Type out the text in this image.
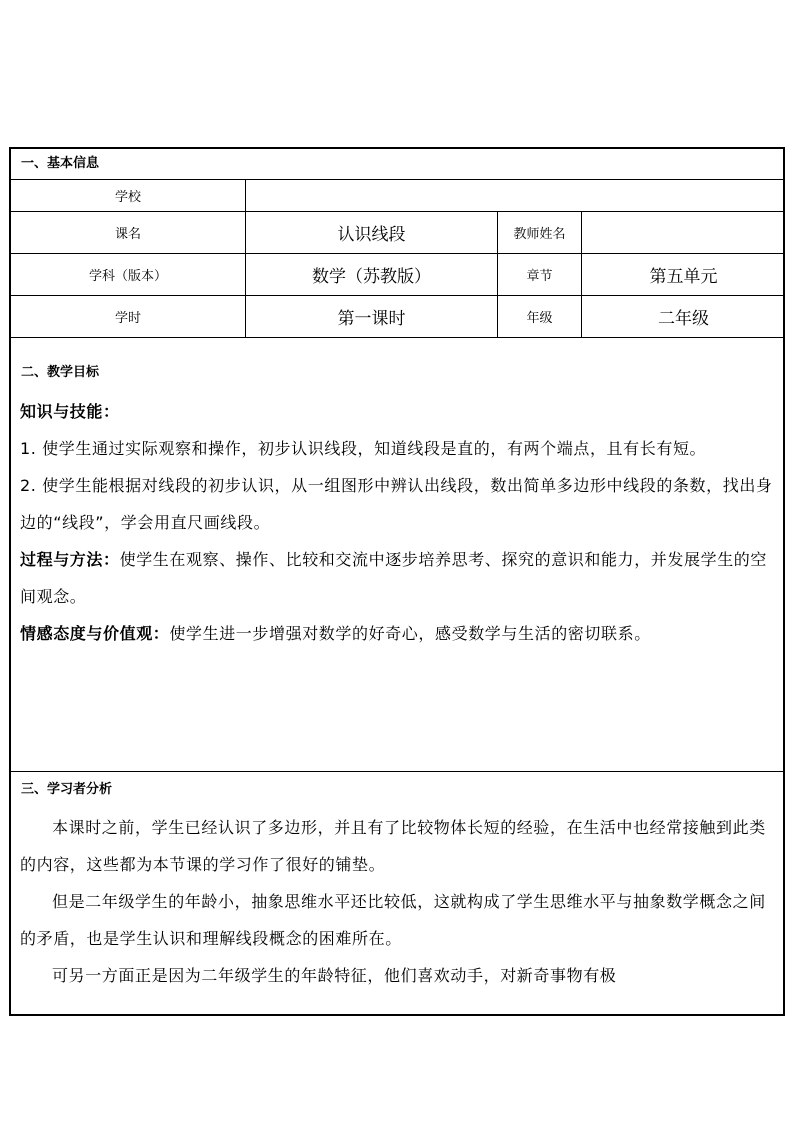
一、基本信息
学校
课名	认识线段	教师姓名
学科（版本）	数学（苏教版）	章节	第五单元
学时	第一课时	年级	二年级
二、教学目标
知识与技能：
1. 使学生通过实际观察和操作，初步认识线段，知道线段是直的，有两个端点，且有长有短。
2. 使学生能根据对线段的初步认识，从一组图形中辨认出线段，数出简单多边形中线段的条数，找出身边的“线段”，学会用直尺画线段。
过程与方法：使学生在观察、操作、比较和交流中逐步培养思考、探究的意识和能力，并发展学生的空间观念。
情感态度与价值观：使学生进一步增强对数学的好奇心，感受数学与生活的密切联系。
三、学习者分析
本课时之前，学生已经认识了多边形，并且有了比较物体长短的经验，在生活中也经常接触到此类的内容，这些都为本节课的学习作了很好的铺垫。
但是二年级学生的年龄小，抽象思维水平还比较低，这就构成了学生思维水平与抽象数学概念之间的矛盾，也是学生认识和理解线段概念的困难所在。
可另一方面正是因为二年级学生的年龄特征，他们喜欢动手，对新奇事物有极
